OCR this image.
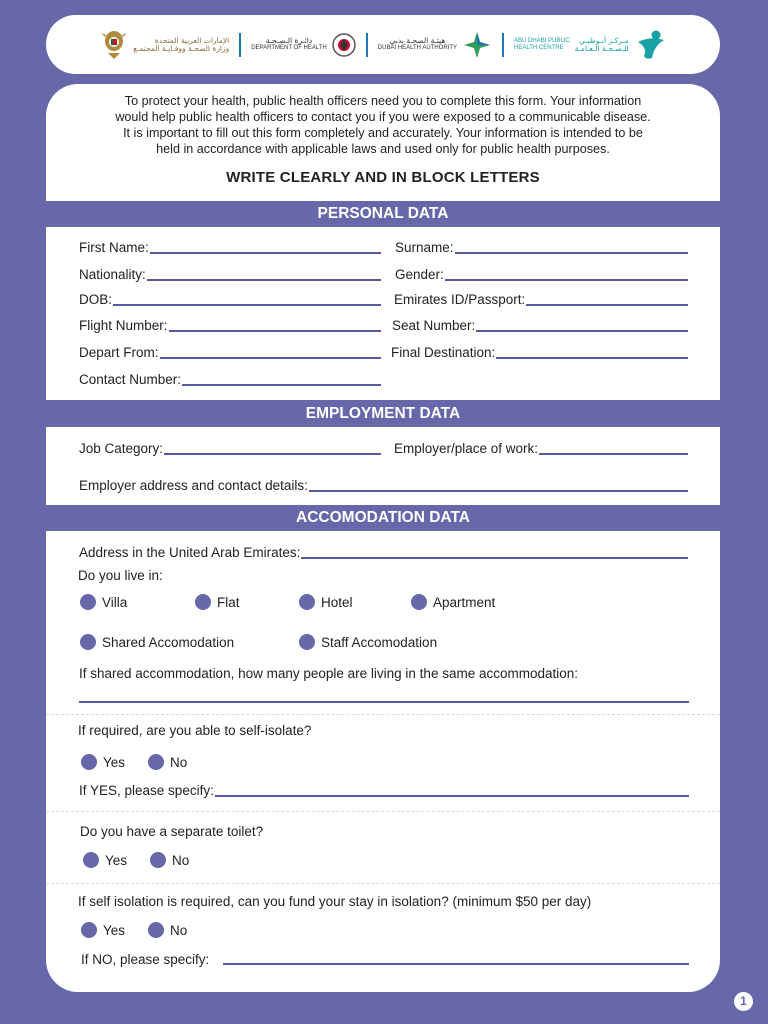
الإمارات العربية المتحدة
وزارة الصحـة ووقـايـة المجتمـع
دائـرة الـصـحـة
DEPARTMENT OF HEALTH
هيئـة الصحـة بدبي
DUBAI HEALTH AUTHORITY
ABU DHABI PUBLIC
HEALTH CENTRE
مـركـز أبـوظبـي
للـصـحـة الـعـامـة
To protect your health, public health officers need you to complete this form. Your information
would help public health officers to contact you if you were exposed to a communicable disease.
It is important to fill out this form completely and accurately. Your information is intended to be
held in accordance with applicable laws and used only for public health purposes.
WRITE CLEARLY AND IN BLOCK LETTERS
PERSONAL DATA
First Name:	Surname:
Nationality:	Gender:
DOB:	Emirates ID/Passport:
Flight Number:	Seat Number:
Depart From:	Final Destination:
Contact Number:
EMPLOYMENT DATA
Job Category:	Employer/place of work:
Employer address and contact details:
ACCOMODATION DATA
Address in the United Arab Emirates:
Do you live in:
Villa	Flat	Hotel	Apartment
Shared Accomodation	Staff Accomodation
If shared accommodation, how many people are living in the same accommodation:
If required, are you able to self-isolate?
Yes	No
If YES, please specify:
Do you have a separate toilet?
Yes	No
If self isolation is required, can you fund your stay in isolation? (minimum $50 per day)
Yes	No
If NO, please specify:
1
